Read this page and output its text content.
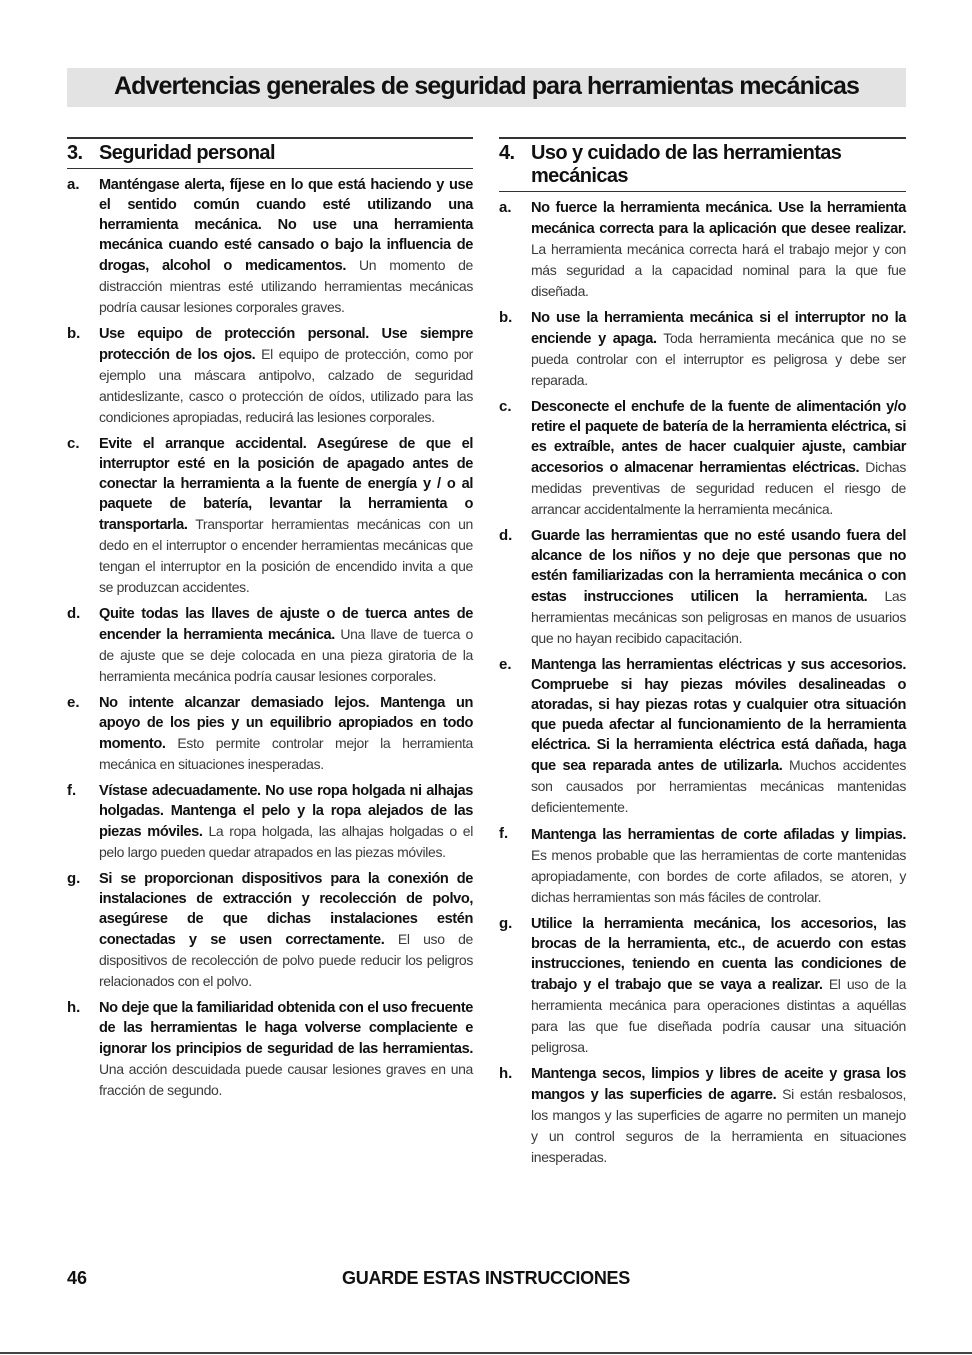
Advertencias generales de seguridad para herramientas mecánicas
3. Seguridad personal
a.	Manténgase alerta, fíjese en lo que está haciendo y use el sentido común cuando esté utilizando una herramienta mecánica. No use una herramienta mecánica cuando esté cansado o bajo la influencia de drogas, alcohol o medicamentos. Un momento de distracción mientras esté utilizando herramientas mecánicas podría causar lesiones corporales graves.
b.	Use equipo de protección personal. Use siempre protección de los ojos. El equipo de protección, como por ejemplo una máscara antipolvo, calzado de seguridad antideslizante, casco o protección de oídos, utilizado para las condiciones apropiadas, reducirá las lesiones corporales.
c.	Evite el arranque accidental. Asegúrese de que el interruptor esté en la posición de apagado antes de conectar la herramienta a la fuente de energía y / o al paquete de batería, levantar la herramienta o transportarla. Transportar herramientas mecánicas con un dedo en el interruptor o encender herramientas mecánicas que tengan el interruptor en la posición de encendido invita a que se produzcan accidentes.
d.	Quite todas las llaves de ajuste o de tuerca antes de encender la herramienta mecánica. Una llave de tuerca o de ajuste que se deje colocada en una pieza giratoria de la herramienta mecánica podría causar lesiones corporales.
e.	No intente alcanzar demasiado lejos. Mantenga un apoyo de los pies y un equilibrio apropiados en todo momento. Esto permite controlar mejor la herramienta mecánica en situaciones inesperadas.
f.	Vístase adecuadamente. No use ropa holgada ni alhajas holgadas. Mantenga el pelo y la ropa alejados de las piezas móviles. La ropa holgada, las alhajas holgadas o el pelo largo pueden quedar atrapados en las piezas móviles.
g.	Si se proporcionan dispositivos para la conexión de instalaciones de extracción y recolección de polvo, asegúrese de que dichas instalaciones estén conectadas y se usen correctamente. El uso de dispositivos de recolección de polvo puede reducir los peligros relacionados con el polvo.
h.	No deje que la familiaridad obtenida con el uso frecuente de las herramientas le haga volverse complaciente e ignorar los principios de seguridad de las herramientas. Una acción descuidada puede causar lesiones graves en una fracción de segundo.
4. Uso y cuidado de las herramientas mecánicas
a.	No fuerce la herramienta mecánica. Use la herramienta mecánica correcta para la aplicación que desee realizar. La herramienta mecánica correcta hará el trabajo mejor y con más seguridad a la capacidad nominal para la que fue diseñada.
b.	No use la herramienta mecánica si el interruptor no la enciende y apaga. Toda herramienta mecánica que no se pueda controlar con el interruptor es peligrosa y debe ser reparada.
c.	Desconecte el enchufe de la fuente de alimentación y/o retire el paquete de batería de la herramienta eléctrica, si es extraíble, antes de hacer cualquier ajuste, cambiar accesorios o almacenar herramientas eléctricas. Dichas medidas preventivas de seguridad reducen el riesgo de arrancar accidentalmente la herramienta mecánica.
d.	Guarde las herramientas que no esté usando fuera del alcance de los niños y no deje que personas que no estén familiarizadas con la herramienta mecánica o con estas instrucciones utilicen la herramienta. Las herramientas mecánicas son peligrosas en manos de usuarios que no hayan recibido capacitación.
e.	Mantenga las herramientas eléctricas y sus accesorios. Compruebe si hay piezas móviles desalineadas o atoradas, si hay piezas rotas y cualquier otra situación que pueda afectar al funcionamiento de la herramienta eléctrica. Si la herramienta eléctrica está dañada, haga que sea reparada antes de utilizarla. Muchos accidentes son causados por herramientas mecánicas mantenidas deficientemente.
f.	Mantenga las herramientas de corte afiladas y limpias. Es menos probable que las herramientas de corte mantenidas apropiadamente, con bordes de corte afilados, se atoren, y dichas herramientas son más fáciles de controlar.
g.	Utilice la herramienta mecánica, los accesorios, las brocas de la herramienta, etc., de acuerdo con estas instrucciones, teniendo en cuenta las condiciones de trabajo y el trabajo que se vaya a realizar. El uso de la herramienta mecánica para operaciones distintas a aquéllas para las que fue diseñada podría causar una situación peligrosa.
h.	Mantenga secos, limpios y libres de aceite y grasa los mangos y las superficies de agarre. Si están resbalosos, los mangos y las superficies de agarre no permiten un manejo y un control seguros de la herramienta en situaciones inesperadas.
46	GUARDE ESTAS INSTRUCCIONES
